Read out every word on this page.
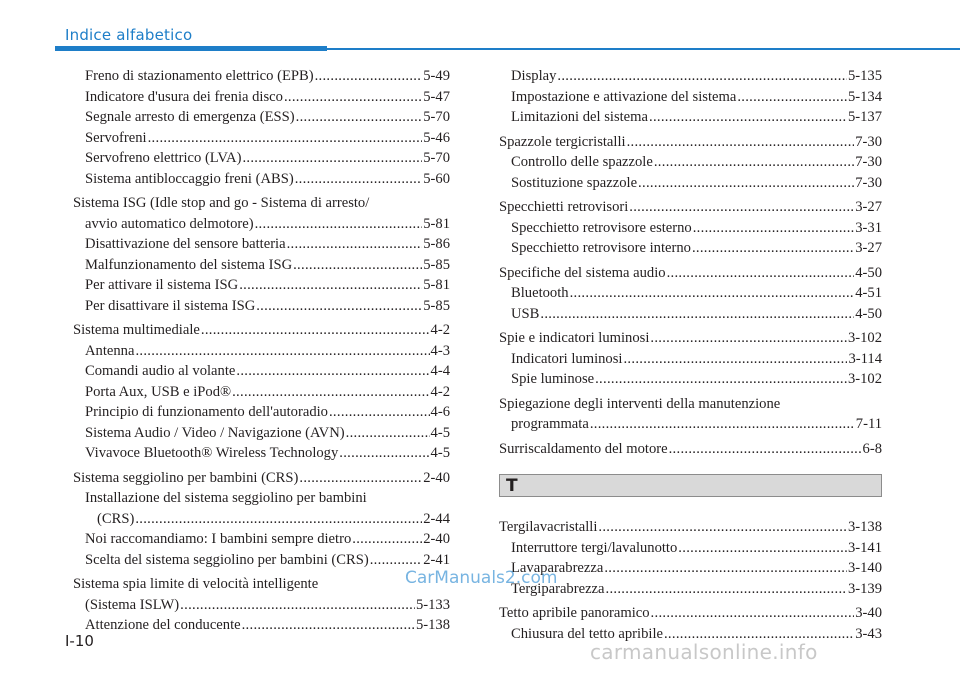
Indice alfabetico
Freno di stazionamento elettrico (EPB) .....	5-49
Indicatore d'usura dei frenia disco .....	5-47
Segnale arresto di emergenza (ESS) .....	5-70
Servofreni .....	5-46
Servofreno elettrico (LVA) .....	5-70
Sistema antibloccaggio freni (ABS) .....	5-60
Sistema ISG (Idle stop and go - Sistema di arresto/
avvio automatico delmotore) .....	5-81
Disattivazione del sensore batteria .....	5-86
Malfunzionamento del sistema ISG .....	5-85
Per attivare il sistema ISG .....	5-81
Per disattivare il sistema ISG .....	5-85
Sistema multimediale .....	4-2
Antenna .....	4-3
Comandi audio al volante .....	4-4
Porta Aux, USB e iPod® .....	4-2
Principio di funzionamento dell'autoradio .....	4-6
Sistema Audio / Video / Navigazione (AVN) .....	4-5
Vivavoce Bluetooth® Wireless Technology .....	4-5
Sistema seggiolino per bambini (CRS) .....	2-40
Installazione del sistema seggiolino per bambini
(CRS) .....	2-44
Noi raccomandiamo: I bambini sempre dietro .....	2-40
Scelta del sistema seggiolino per bambini (CRS) .....	2-41
Sistema spia limite di velocità intelligente
(Sistema ISLW) .....	5-133
Attenzione del conducente .....	5-138
Display .....	5-135
Impostazione e attivazione del sistema .....	5-134
Limitazioni del sistema .....	5-137
Spazzole tergicristalli .....	7-30
Controllo delle spazzole .....	7-30
Sostituzione spazzole .....	7-30
Specchietti retrovisori .....	3-27
Specchietto retrovisore esterno .....	3-31
Specchietto retrovisore interno .....	3-27
Specifiche del sistema audio .....	4-50
Bluetooth .....	4-51
USB .....	4-50
Spie e indicatori luminosi .....	3-102
Indicatori luminosi .....	3-114
Spie luminose .....	3-102
Spiegazione degli interventi della manutenzione
programmata .....	7-11
Surriscaldamento del motore .....	6-8
T
Tergilavacristalli .....	3-138
Interruttore tergi/lavalunotto .....	3-141
Lavaparabrezza .....	3-140
Tergiparabrezza .....	3-139
Tetto apribile panoramico .....	3-40
Chiusura del tetto apribile .....	3-43
CarManuals2.com
I-10	carmanualsonline.info
